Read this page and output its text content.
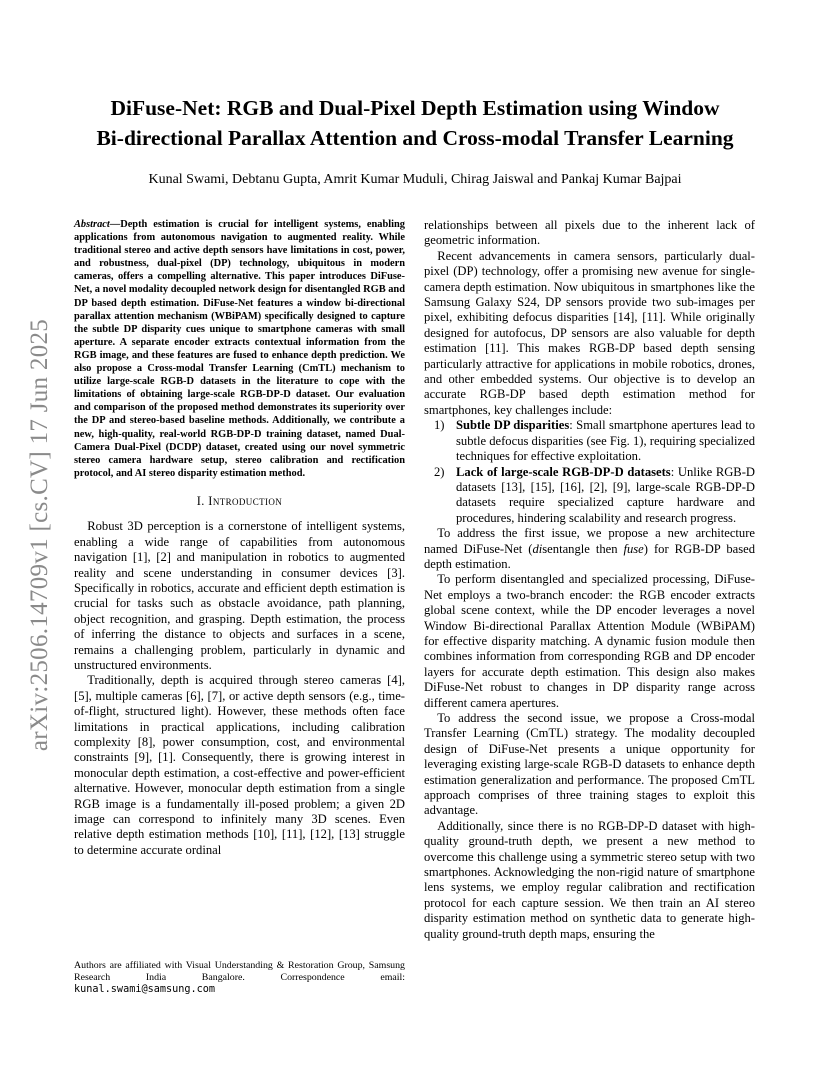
arXiv:2506.14709v1 [cs.CV] 17 Jun 2025
DiFuse-Net: RGB and Dual-Pixel Depth Estimation using Window
Bi-directional Parallax Attention and Cross-modal Transfer Learning
Kunal Swami, Debtanu Gupta, Amrit Kumar Muduli, Chirag Jaiswal and Pankaj Kumar Bajpai
Abstract—Depth estimation is crucial for intelligent systems, enabling applications from autonomous navigation to augmented reality. While traditional stereo and active depth sensors have limitations in cost, power, and robustness, dual-pixel (DP) technology, ubiquitous in modern cameras, offers a compelling alternative. This paper introduces DiFuse-Net, a novel modality decoupled network design for disentangled RGB and DP based depth estimation. DiFuse-Net features a window bi-directional parallax attention mechanism (WBiPAM) specifically designed to capture the subtle DP disparity cues unique to smartphone cameras with small aperture. A separate encoder extracts contextual information from the RGB image, and these features are fused to enhance depth prediction. We also propose a Cross-modal Transfer Learning (CmTL) mechanism to utilize large-scale RGB-D datasets in the literature to cope with the limitations of obtaining large-scale RGB-DP-D dataset. Our evaluation and comparison of the proposed method demonstrates its superiority over the DP and stereo-based baseline methods. Additionally, we contribute a new, high-quality, real-world RGB-DP-D training dataset, named Dual-Camera Dual-Pixel (DCDP) dataset, created using our novel symmetric stereo camera hardware setup, stereo calibration and rectification protocol, and AI stereo disparity estimation method.
I. Introduction

Robust 3D perception is a cornerstone of intelligent systems, enabling a wide range of capabilities from autonomous navigation [1], [2] and manipulation in robotics to augmented reality and scene understanding in consumer devices [3]. Specifically in robotics, accurate and efficient depth estimation is crucial for tasks such as obstacle avoidance, path planning, object recognition, and grasping. Depth estimation, the process of inferring the distance to objects and surfaces in a scene, remains a challenging problem, particularly in dynamic and unstructured environments.

Traditionally, depth is acquired through stereo cameras [4], [5], multiple cameras [6], [7], or active depth sensors (e.g., time-of-flight, structured light). However, these methods often face limitations in practical applications, including calibration complexity [8], power consumption, cost, and environmental constraints [9], [1]. Consequently, there is growing interest in monocular depth estimation, a cost-effective and power-efficient alternative. However, monocular depth estimation from a single RGB image is a fundamentally ill-posed problem; a given 2D image can correspond to infinitely many 3D scenes. Even relative depth estimation methods [10], [11], [12], [13] struggle to determine accurate ordinal

relationships between all pixels due to the inherent lack of geometric information.

Recent advancements in camera sensors, particularly dual-pixel (DP) technology, offer a promising new avenue for single-camera depth estimation. Now ubiquitous in smartphones like the Samsung Galaxy S24, DP sensors provide two sub-images per pixel, exhibiting defocus disparities [14], [11]. While originally designed for autofocus, DP sensors are also valuable for depth estimation [11]. This makes RGB-DP based depth sensing particularly attractive for applications in mobile robotics, drones, and other embedded systems. Our objective is to develop an accurate RGB-DP based depth estimation method for smartphones, key challenges include:

1) Subtle DP disparities: Small smartphone apertures lead to subtle defocus disparities (see Fig. 1), requiring specialized techniques for effective exploitation.
2) Lack of large-scale RGB-DP-D datasets: Unlike RGB-D datasets [13], [15], [16], [2], [9], large-scale RGB-DP-D datasets require specialized capture hardware and procedures, hindering scalability and research progress.

To address the first issue, we propose a new architecture named DiFuse-Net (disentangle then fuse) for RGB-DP based depth estimation.

To perform disentangled and specialized processing, DiFuse-Net employs a two-branch encoder: the RGB encoder extracts global scene context, while the DP encoder leverages a novel Window Bi-directional Parallax Attention Module (WBiPAM) for effective disparity matching. A dynamic fusion module then combines information from corresponding RGB and DP encoder layers for accurate depth estimation. This design also makes DiFuse-Net robust to changes in DP disparity range across different camera apertures.

To address the second issue, we propose a Cross-modal Transfer Learning (CmTL) strategy. The modality decoupled design of DiFuse-Net presents a unique opportunity for leveraging existing large-scale RGB-D datasets to enhance depth estimation generalization and performance. The proposed CmTL approach comprises of three training stages to exploit this advantage.

Additionally, since there is no RGB-DP-D dataset with high-quality ground-truth depth, we present a new method to overcome this challenge using a symmetric stereo setup with two smartphones. Acknowledging the non-rigid nature of smartphone lens systems, we employ regular calibration and rectification protocol for each capture session. We then train an AI stereo disparity estimation method on synthetic data to generate high-quality ground-truth depth maps, ensuring the

Authors are affiliated with Visual Understanding & Restoration Group, Samsung Research India Bangalore. Correspondence email: kunal.swami@samsung.com
